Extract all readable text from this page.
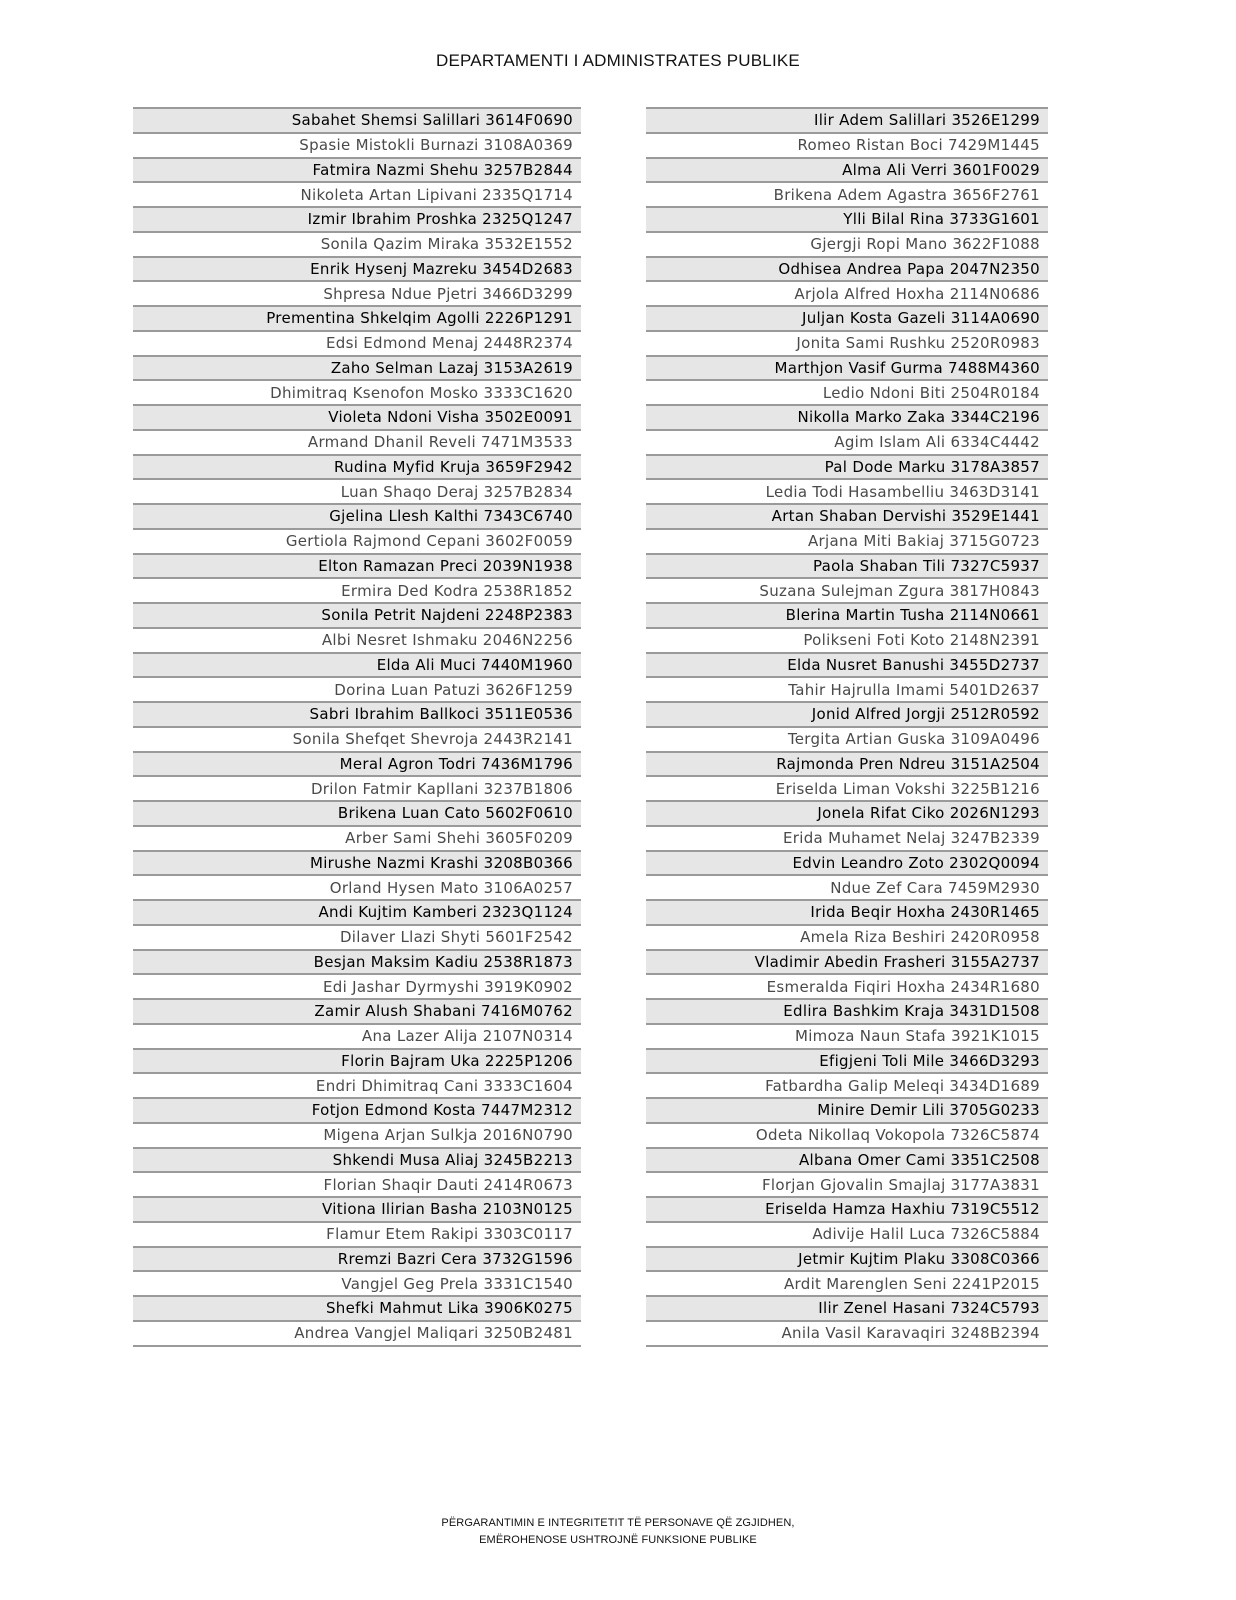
DEPARTAMENTI I ADMINISTRATES PUBLIKE
Sabahet Shemsi Salillari 3614F0690
Spasie Mistokli Burnazi 3108A0369
Fatmira Nazmi Shehu 3257B2844
Nikoleta Artan Lipivani 2335Q1714
Izmir Ibrahim Proshka 2325Q1247
Sonila Qazim Miraka 3532E1552
Enrik Hysenj Mazreku 3454D2683
Shpresa Ndue Pjetri 3466D3299
Prementina Shkelqim Agolli 2226P1291
Edsi Edmond Menaj 2448R2374
Zaho Selman Lazaj 3153A2619
Dhimitraq Ksenofon Mosko 3333C1620
Violeta Ndoni Visha 3502E0091
Armand Dhanil Reveli 7471M3533
Rudina Myfid Kruja 3659F2942
Luan Shaqo Deraj 3257B2834
Gjelina Llesh Kalthi 7343C6740
Gertiola Rajmond Cepani 3602F0059
Elton Ramazan Preci 2039N1938
Ermira Ded Kodra 2538R1852
Sonila Petrit Najdeni 2248P2383
Albi Nesret Ishmaku 2046N2256
Elda Ali Muci 7440M1960
Dorina Luan Patuzi 3626F1259
Sabri Ibrahim Ballkoci 3511E0536
Sonila Shefqet Shevroja 2443R2141
Meral Agron Todri 7436M1796
Drilon Fatmir Kapllani 3237B1806
Brikena Luan Cato 5602F0610
Arber Sami Shehi 3605F0209
Mirushe Nazmi Krashi 3208B0366
Orland Hysen Mato 3106A0257
Andi Kujtim Kamberi 2323Q1124
Dilaver Llazi Shyti 5601F2542
Besjan Maksim Kadiu 2538R1873
Edi Jashar Dyrmyshi 3919K0902
Zamir Alush Shabani 7416M0762
Ana Lazer Alija 2107N0314
Florin Bajram Uka 2225P1206
Endri Dhimitraq Cani 3333C1604
Fotjon Edmond Kosta 7447M2312
Migena Arjan Sulkja 2016N0790
Shkendi Musa Aliaj 3245B2213
Florian Shaqir Dauti 2414R0673
Vitiona Ilirian Basha 2103N0125
Flamur Etem Rakipi 3303C0117
Rremzi Bazri Cera 3732G1596
Vangjel Geg Prela 3331C1540
Shefki Mahmut Lika 3906K0275
Andrea Vangjel Maliqari 3250B2481
Ilir Adem Salillari 3526E1299
Romeo Ristan Boci 7429M1445
Alma Ali Verri 3601F0029
Brikena Adem Agastra 3656F2761
Ylli Bilal Rina 3733G1601
Gjergji Ropi Mano 3622F1088
Odhisea Andrea Papa 2047N2350
Arjola Alfred Hoxha 2114N0686
Juljan Kosta Gazeli 3114A0690
Jonita Sami Rushku 2520R0983
Marthjon Vasif Gurma 7488M4360
Ledio Ndoni Biti 2504R0184
Nikolla Marko Zaka 3344C2196
Agim Islam Ali 6334C4442
Pal Dode Marku 3178A3857
Ledia Todi Hasambelliu 3463D3141
Artan Shaban Dervishi 3529E1441
Arjana Miti Bakiaj 3715G0723
Paola Shaban Tili 7327C5937
Suzana Sulejman Zgura 3817H0843
Blerina Martin Tusha 2114N0661
Polikseni Foti Koto 2148N2391
Elda Nusret Banushi 3455D2737
Tahir Hajrulla Imami 5401D2637
Jonid Alfred Jorgji 2512R0592
Tergita Artian Guska 3109A0496
Rajmonda Pren Ndreu 3151A2504
Eriselda Liman Vokshi 3225B1216
Jonela Rifat Ciko 2026N1293
Erida Muhamet Nelaj 3247B2339
Edvin Leandro Zoto 2302Q0094
Ndue Zef Cara 7459M2930
Irida Beqir Hoxha 2430R1465
Amela Riza Beshiri 2420R0958
Vladimir Abedin Frasheri 3155A2737
Esmeralda Fiqiri Hoxha 2434R1680
Edlira Bashkim Kraja 3431D1508
Mimoza Naun Stafa 3921K1015
Efigjeni Toli Mile 3466D3293
Fatbardha Galip Meleqi 3434D1689
Minire Demir Lili 3705G0233
Odeta Nikollaq Vokopola 7326C5874
Albana Omer Cami 3351C2508
Florjan Gjovalin Smajlaj 3177A3831
Eriselda Hamza Haxhiu 7319C5512
Adivije Halil Luca 7326C5884
Jetmir Kujtim Plaku 3308C0366
Ardit Marenglen Seni 2241P2015
Ilir Zenel Hasani 7324C5793
Anila Vasil Karavaqiri 3248B2394
PËRGARANTIMIN E INTEGRITETIT TË PERSONAVE QË ZGJIDHEN,
EMËROHENOSE USHTROJNË FUNKSIONE PUBLIKE
